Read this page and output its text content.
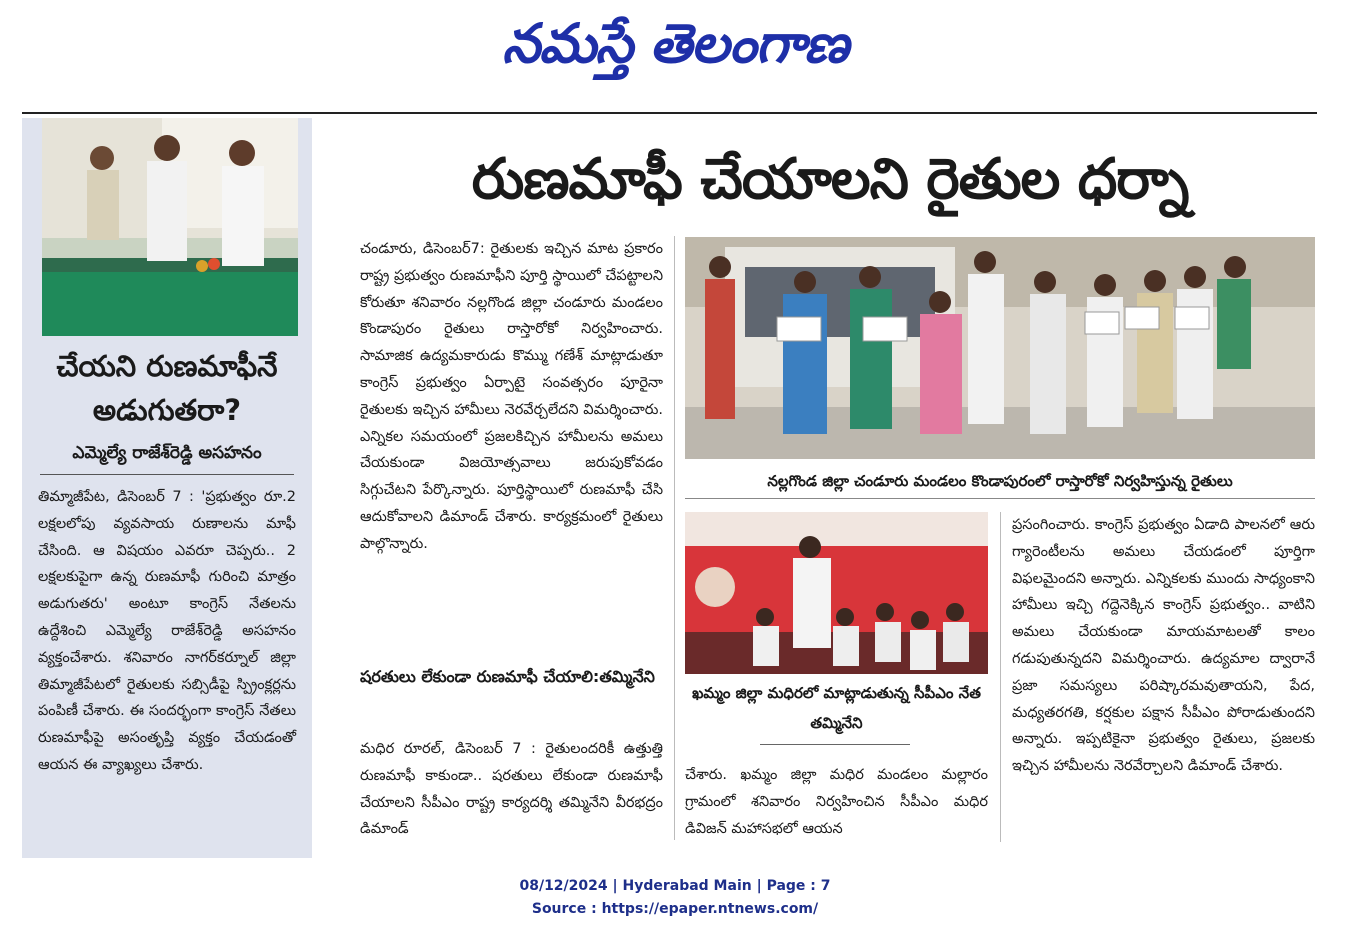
నమస్తే తెలంగాణ
చేయని రుణమాఫీనే
అడుగుతరా?
ఎమ్మెల్యే రాజేశ్‌రెడ్డి అసహనం
తిమ్మాజీపేట, డిసెంబర్ 7 : 'ప్రభుత్వం రూ.2 లక్షలలోపు వ్యవసాయ రుణాలను మాఫీ చేసింది. ఆ విషయం ఎవరూ చెప్పరు.. 2 లక్షలకుపైగా ఉన్న రుణమాఫీ గురించి మాత్రం అడుగుతరు' అంటూ కాంగ్రెస్ నేతలను ఉద్దేశించి ఎమ్మెల్యే రాజేశ్‌రెడ్డి అసహనం వ్యక్తంచేశారు. శనివారం నాగర్‌కర్నూల్ జిల్లా తిమ్మాజీపేటలో రైతులకు సబ్సిడీపై స్ప్రింక్లర్లను పంపిణీ చేశారు. ఈ సందర్భంగా కాంగ్రెస్ నేతలు రుణమాఫీపై అసంతృప్తి వ్యక్తం చేయడంతో ఆయన ఈ వ్యాఖ్యలు చేశారు.
రుణమాఫీ చేయాలని రైతుల ధర్నా
చండూరు, డిసెంబర్7: రైతులకు ఇచ్చిన మాట ప్రకారం రాష్ట్ర ప్రభుత్వం రుణమాఫీని పూర్తి స్థాయిలో చేపట్టాలని కోరుతూ శనివారం నల్లగొండ జిల్లా చండూరు మండలం కొండాపురం రైతులు రాస్తారోకో నిర్వహించారు. సామాజిక ఉద్యమకారుడు కొమ్ము గణేశ్ మాట్లాడుతూ కాంగ్రెస్ ప్రభుత్వం ఏర్పాటై సంవత్సరం పూరైనా రైతులకు ఇచ్చిన హామీలు నెరవేర్చలేదని విమర్శించారు. ఎన్నికల సమయంలో ప్రజలకిచ్చిన హామీలను అమలు చేయకుండా విజయోత్సవాలు జరుపుకోవడం సిగ్గుచేటని పేర్కొన్నారు. పూర్తిస్థాయిలో రుణమాఫీ చేసి ఆదుకోవాలని డిమాండ్ చేశారు. కార్యక్రమంలో రైతులు పాల్గొన్నారు.
షరతులు లేకుండా రుణమాఫీ చేయాలి:తమ్మినేని
మధిర రూరల్, డిసెంబర్ 7 : రైతులందరికీ ఉత్తుత్తి రుణమాఫీ కాకుండా.. షరతులు లేకుండా రుణమాఫీ చేయాలని సీపీఎం రాష్ట్ర కార్యదర్శి తమ్మినేని వీరభద్రం డిమాండ్
నల్లగొండ జిల్లా చండూరు మండలం కొండాపురంలో రాస్తారోకో నిర్వహిస్తున్న రైతులు
ఖమ్మం జిల్లా మధిరలో మాట్లాడుతున్న సీపీఎం నేత తమ్మినేని
చేశారు. ఖమ్మం జిల్లా మధిర మండలం మల్లారం గ్రామంలో శనివారం నిర్వహించిన సీపీఎం మధిర డివిజన్ మహాసభలో ఆయన
ప్రసంగించారు. కాంగ్రెస్ ప్రభుత్వం ఏడాది పాలనలో ఆరు గ్యారెంటీలను అమలు చేయడంలో పూర్తిగా విఫలమైందని అన్నారు. ఎన్నికలకు ముందు సాధ్యంకాని హామీలు ఇచ్చి గద్దెనెక్కిన కాంగ్రెస్ ప్రభుత్వం.. వాటిని అమలు చేయకుండా మాయమాటలతో కాలం గడుపుతున్నదని విమర్శించారు. ఉద్యమాల ద్వారానే ప్రజా సమస్యలు పరిష్కారమవుతాయని, పేద, మధ్యతరగతి, కర్షకుల పక్షాన సీపీఎం పోరాడుతుందని అన్నారు. ఇప్పటికైనా ప్రభుత్వం రైతులు, ప్రజలకు ఇచ్చిన హామీలను నెరవేర్చాలని డిమాండ్ చేశారు.
08/12/2024 | Hyderabad Main | Page : 7
Source : https://epaper.ntnews.com/
